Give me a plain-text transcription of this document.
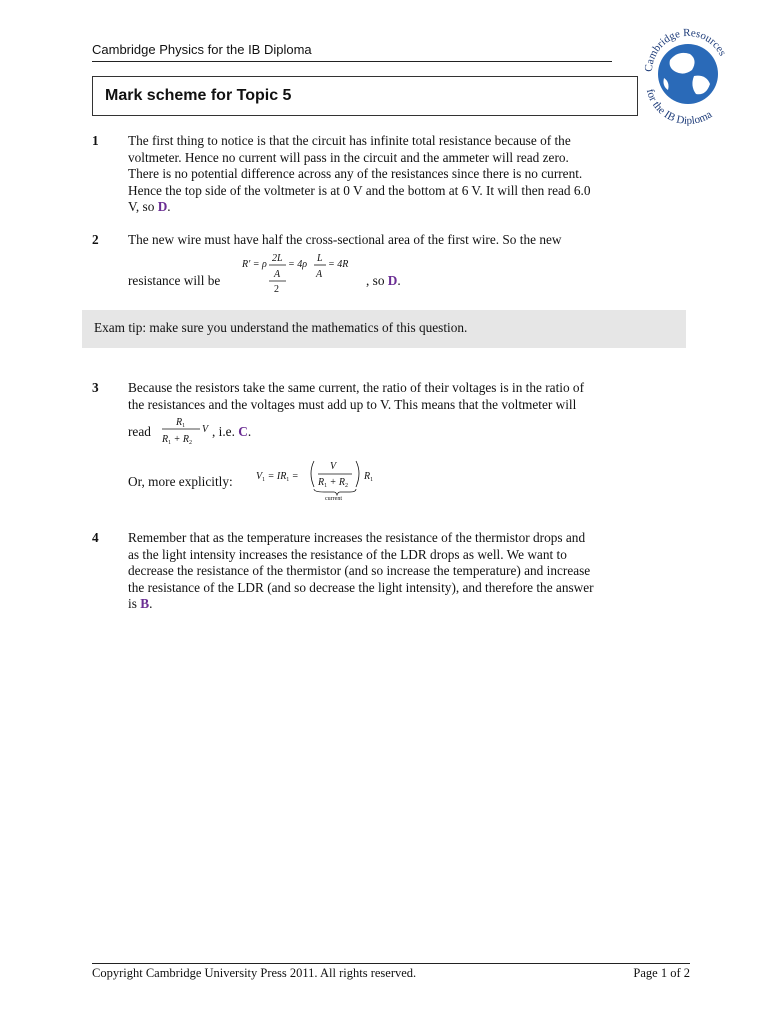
Cambridge Physics for the IB Diploma
Cambridge Resources
for the IB Diploma
Mark scheme for Topic 5
1 The first thing to notice is that the circuit has infinite total resistance because of the
voltmeter. Hence no current will pass in the circuit and the ammeter will read zero.
There is no potential difference across any of the resistances since there is no current.
Hence the top side of the voltmeter is at 0 V and the bottom at 6 V. It will then read 6.0
V, so D.
2 The new wire must have half the cross-sectional area of the first wire. So the new
resistance will be
R′ = ρ
2L
A
2
= 4ρ
L
A
= 4R
, so D.
Exam tip: make sure you understand the mathematics of this question.
3 Because the resistors take the same current, the ratio of their voltages is in the ratio of
the resistances and the voltages must add up to V. This means that the voltmeter will
read
$R_1$
$R_1 + R_2$
V , i.e. C.
Or, more explicitly: $V_1 = IR_1$ =
V
$R_1 + R_2$
$R_1$
current
4 Remember that as the temperature increases the resistance of the thermistor drops and
as the light intensity increases the resistance of the LDR drops as well. We want to
decrease the resistance of the thermistor (and so increase the temperature) and increase
the resistance of the LDR (and so decrease the light intensity), and therefore the answer
is B.
Copyright Cambridge University Press 2011. All rights reserved.	Page 1 of 2
